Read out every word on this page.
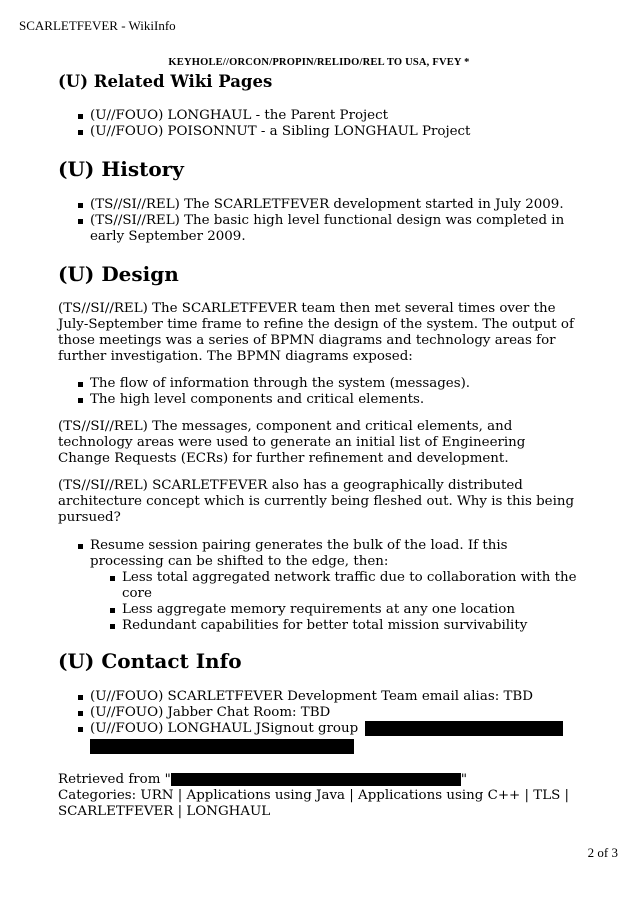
SCARLETFEVER - WikiInfo
KEYHOLE//ORCON/PROPIN/RELIDO/REL TO USA, FVEY *
(U) Related Wiki Pages
(U//FOUO) LONGHAUL - the Parent Project
(U//FOUO) POISONNUT - a Sibling LONGHAUL Project
(U) History
(TS//SI//REL) The SCARLETFEVER development started in July 2009.
(TS//SI//REL) The basic high level functional design was completed in early September 2009.
(U) Design

(TS//SI//REL) The SCARLETFEVER team then met several times over the July-September time frame to refine the design of the system. The output of those meetings was a series of BPMN diagrams and technology areas for further investigation. The BPMN diagrams exposed:

The flow of information through the system (messages).
The high level components and critical elements.

(TS//SI//REL) The messages, component and critical elements, and technology areas were used to generate an initial list of Engineering Change Requests (ECRs) for further refinement and development.

(TS//SI//REL) SCARLETFEVER also has a geographically distributed architecture concept which is currently being fleshed out. Why is this being pursued?

Resume session pairing generates the bulk of the load. If this processing can be shifted to the edge, then:
Less total aggregated network traffic due to collaboration with the core
Less aggregate memory requirements at any one location
Redundant capabilities for better total mission survivability
(U) Contact Info
(U//FOUO) SCARLETFEVER Development Team email alias: TBD
(U//FOUO) Jabber Chat Room: TBD
(U//FOUO) LONGHAUL JSignout group

Retrieved from "	"

Categories: URN | Applications using Java | Applications using C++ | TLS | SCARLETFEVER | LONGHAUL

2 of 3
